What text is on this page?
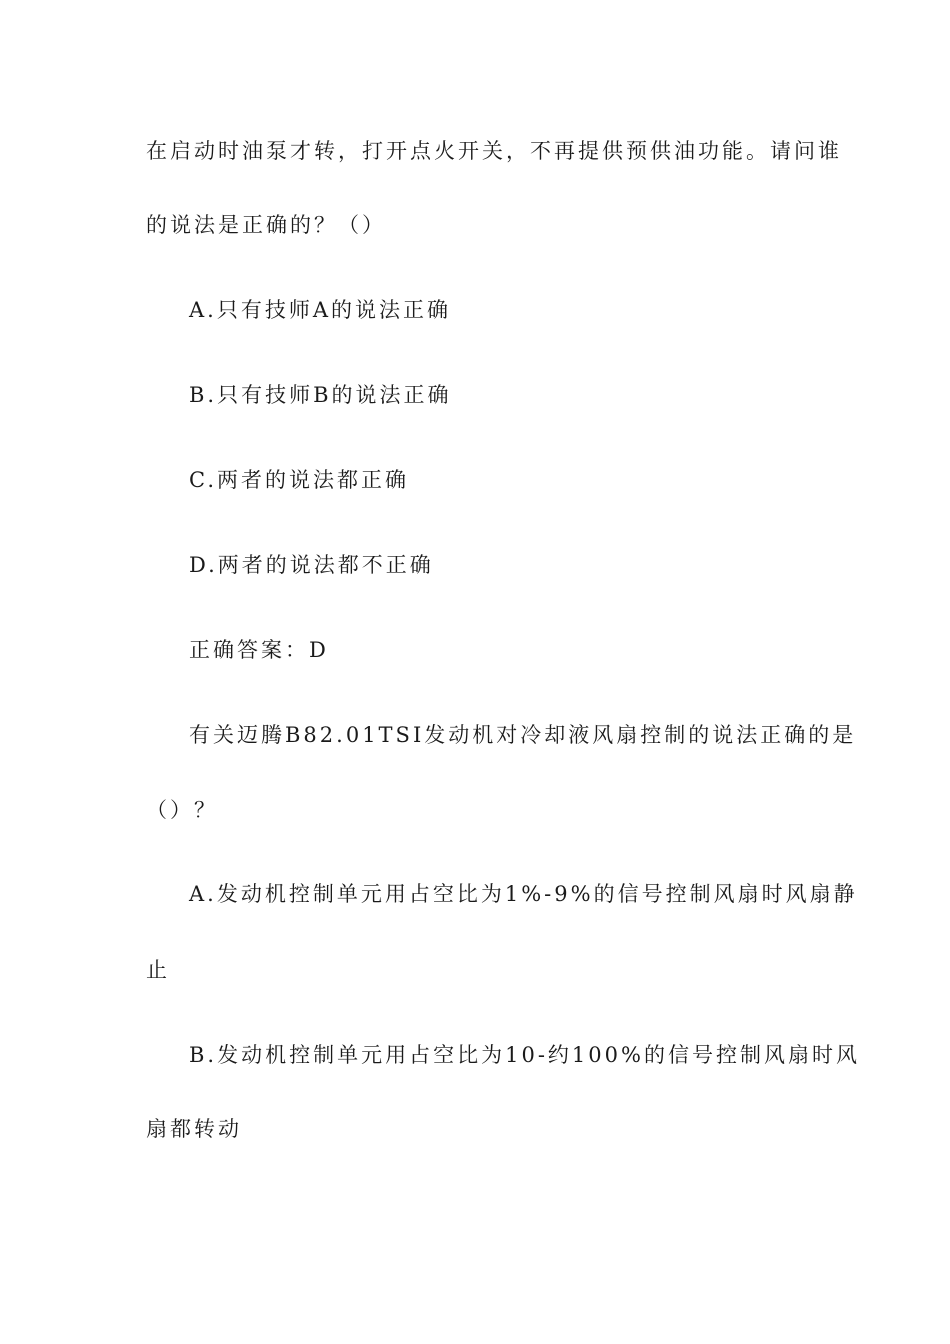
在启动时油泵才转，打开点火开关，不再提供预供油功能。请问谁
的说法是正确的？（）
A.只有技师A的说法正确
B.只有技师B的说法正确
C.两者的说法都正确
D.两者的说法都不正确
正确答案：D
有关迈腾B82.01TSI发动机对冷却液风扇控制的说法正确的是
（）？
A.发动机控制单元用占空比为1%-9%的信号控制风扇时风扇静
止
B.发动机控制单元用占空比为10-约100%的信号控制风扇时风
扇都转动
